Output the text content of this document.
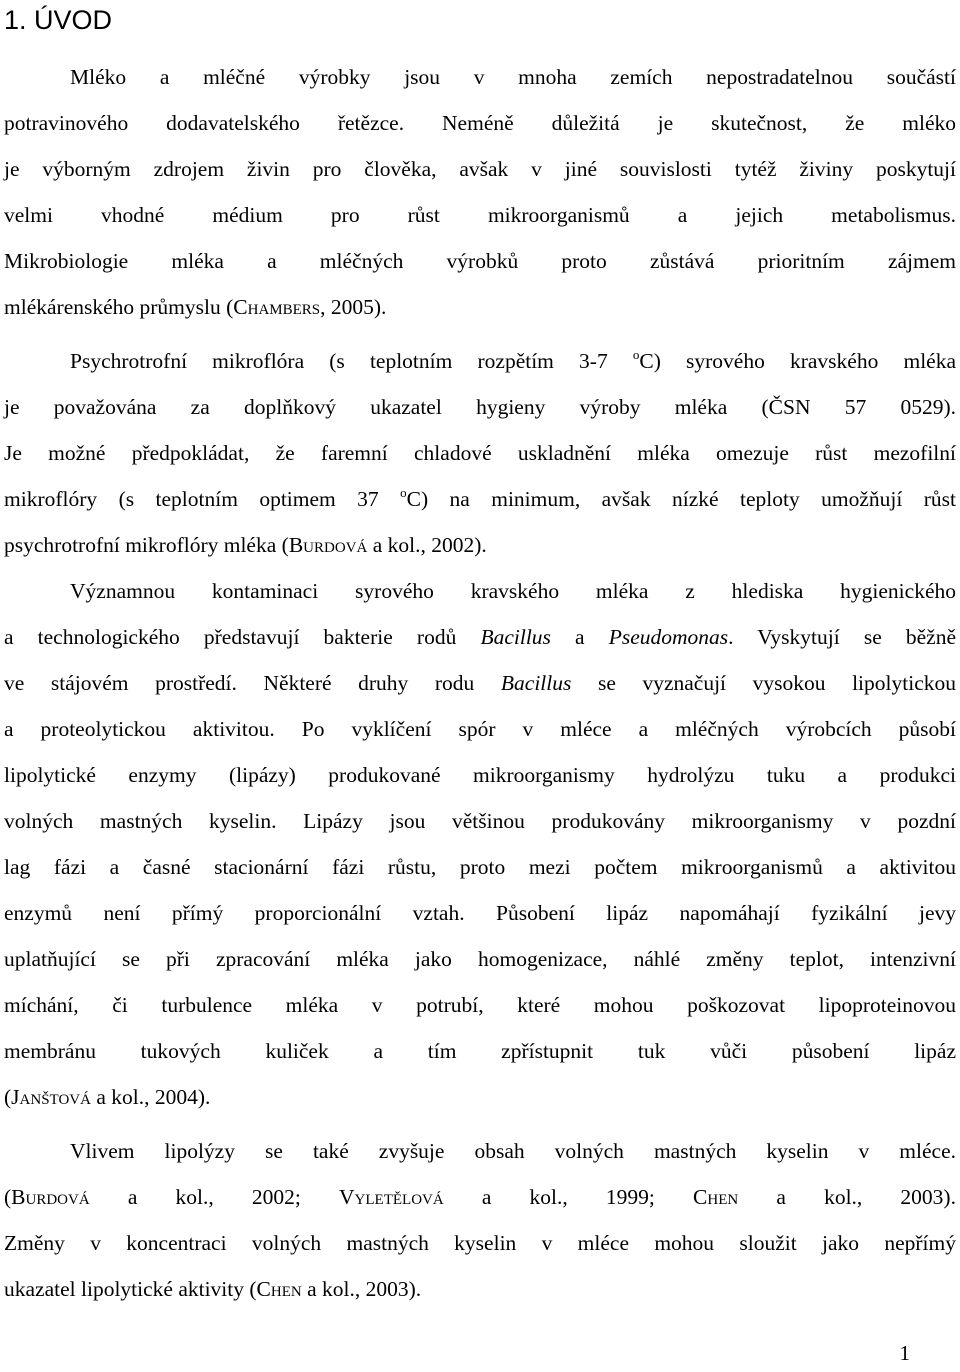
1. ÚVOD

Mléko a mléčné výrobky jsou v mnoha zemích nepostradatelnou součástí
potravinového dodavatelského řetězce. Neméně důležitá je skutečnost, že mléko
je výborným zdrojem živin pro člověka, avšak v jiné souvislosti tytéž živiny poskytují
velmi vhodné médium pro růst mikroorganismů a jejich metabolismus.
Mikrobiologie mléka a mléčných výrobků proto zůstává prioritním zájmem
mlékárenského průmyslu (Chambers, 2005).

Psychrotrofní mikroflóra (s teplotním rozpětím 3-7 $^o$C) syrového kravského mléka
je považována za doplňkový ukazatel hygieny výroby mléka (ČSN 57 0529).
Je možné předpokládat, že faremní chladové uskladnění mléka omezuje růst mezofilní
mikroflóry (s teplotním optimem 37 $^o$C) na minimum, avšak nízké teploty umožňují růst
psychrotrofní mikroflóry mléka (Burdová a kol., 2002).

Významnou kontaminaci syrového kravského mléka z hlediska hygienického
a technologického představují bakterie rodů Bacillus a Pseudomonas. Vyskytují se běžně
ve stájovém prostředí. Některé druhy rodu Bacillus se vyznačují vysokou lipolytickou
a proteolytickou aktivitou. Po vyklíčení spór v mléce a mléčných výrobcích působí
lipolytické enzymy (lipázy) produkované mikroorganismy hydrolýzu tuku a produkci
volných mastných kyselin. Lipázy jsou většinou produkovány mikroorganismy v pozdní
lag fázi a časné stacionární fázi růstu, proto mezi počtem mikroorganismů a aktivitou
enzymů není přímý proporcionální vztah. Působení lipáz napomáhají fyzikální jevy
uplatňující se při zpracování mléka jako homogenizace, náhlé změny teplot, intenzivní
míchání, či turbulence mléka v potrubí, které mohou poškozovat lipoproteinovou
membránu tukových kuliček a tím zpřístupnit tuk vůči působení lipáz
(Janštová a kol., 2004).

Vlivem lipolýzy se také zvyšuje obsah volných mastných kyselin v mléce.
(Burdová a kol., 2002; Vyletělová a kol., 1999; Chen a kol., 2003).
Změny v koncentraci volných mastných kyselin v mléce mohou sloužit jako nepřímý
ukazatel lipolytické aktivity (Chen a kol., 2003).

1
